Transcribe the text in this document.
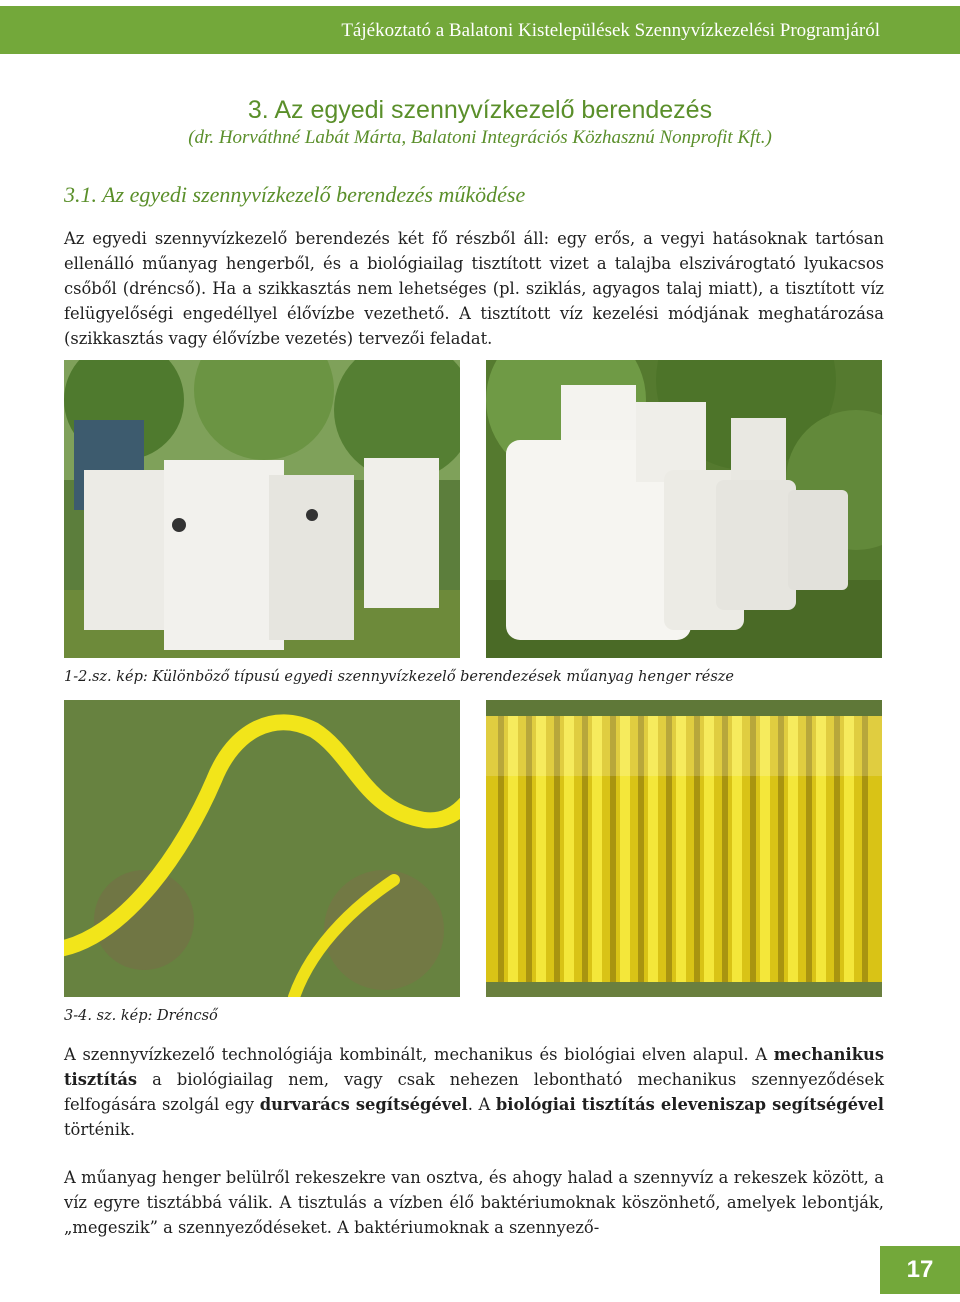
Tájékoztató a Balatoni Kistelepülések Szennyvízkezelési Programjáról
3. Az egyedi szennyvízkezelő berendezés
(dr. Horváthné Labát Márta, Balatoni Integrációs Közhasznú Nonprofit Kft.)
3.1. Az egyedi szennyvízkezelő berendezés működése

Az egyedi szennyvízkezelő berendezés két fő részből áll: egy erős, a vegyi hatásoknak tartósan ellenálló műanyag hengerből, és a biológiailag tisztított vizet a talajba elszivárogtató lyukacsos csőből (dréncső). Ha a szikkasztás nem lehetséges (pl. sziklás, agyagos talaj miatt), a tisztított víz felügyelőségi engedéllyel élővízbe vezethető. A tisztított víz kezelési módjának meghatározása (szikkasztás vagy élővízbe vezetés) tervezői feladat.

1-2.sz. kép: Különböző típusú egyedi szennyvízkezelő berendezések műanyag henger része
3-4. sz. kép: Dréncső

A szennyvízkezelő technológiája kombinált, mechanikus és biológiai elven alapul. A mechanikus tisztítás a biológiailag nem, vagy csak nehezen lebontható mechanikus szennyeződések felfogására szolgál egy durvarács segítségével. A biológiai tisztítás eleveniszap segítségével történik.

A műanyag henger belülről rekeszekre van osztva, és ahogy halad a szennyvíz a rekeszek között, a víz egyre tisztábbá válik. A tisztulás a vízben élő baktériumoknak köszönhető, amelyek lebontják, „megeszik” a szennyeződéseket. A baktériumoknak a szennyező-

17
